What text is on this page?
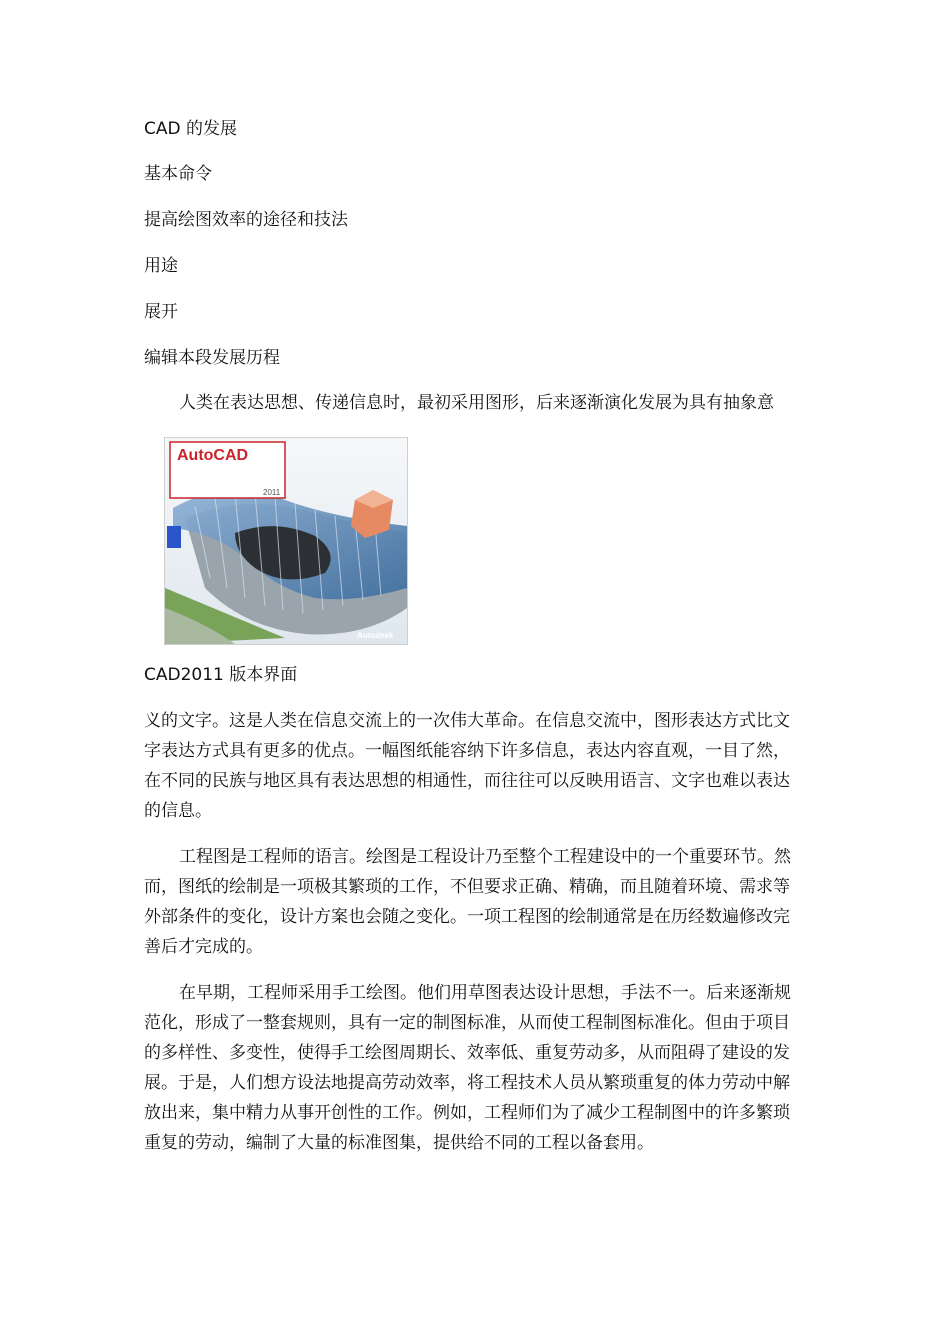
CAD 的发展
基本命令
提高绘图效率的途径和技法
用途
展开
编辑本段发展历程
人类在表达思想、传递信息时，最初采用图形，后来逐渐演化发展为具有抽象意
AutoCAD
2011
Autodesk
CAD2011 版本界面
义的文字。这是人类在信息交流上的一次伟大革命。在信息交流中，图形表达方式比文字表达方式具有更多的优点。一幅图纸能容纳下许多信息，表达内容直观，一目了然，在不同的民族与地区具有表达思想的相通性，而往往可以反映用语言、文字也难以表达的信息。
工程图是工程师的语言。绘图是工程设计乃至整个工程建设中的一个重要环节。然而，图纸的绘制是一项极其繁琐的工作，不但要求正确、精确，而且随着环境、需求等外部条件的变化，设计方案也会随之变化。一项工程图的绘制通常是在历经数遍修改完善后才完成的。
在早期，工程师采用手工绘图。他们用草图表达设计思想，手法不一。后来逐渐规范化，形成了一整套规则，具有一定的制图标准，从而使工程制图标准化。但由于项目的多样性、多变性，使得手工绘图周期长、效率低、重复劳动多，从而阻碍了建设的发展。于是，人们想方设法地提高劳动效率，将工程技术人员从繁琐重复的体力劳动中解放出来，集中精力从事开创性的工作。例如，工程师们为了减少工程制图中的许多繁琐重复的劳动，编制了大量的标准图集，提供给不同的工程以备套用。
